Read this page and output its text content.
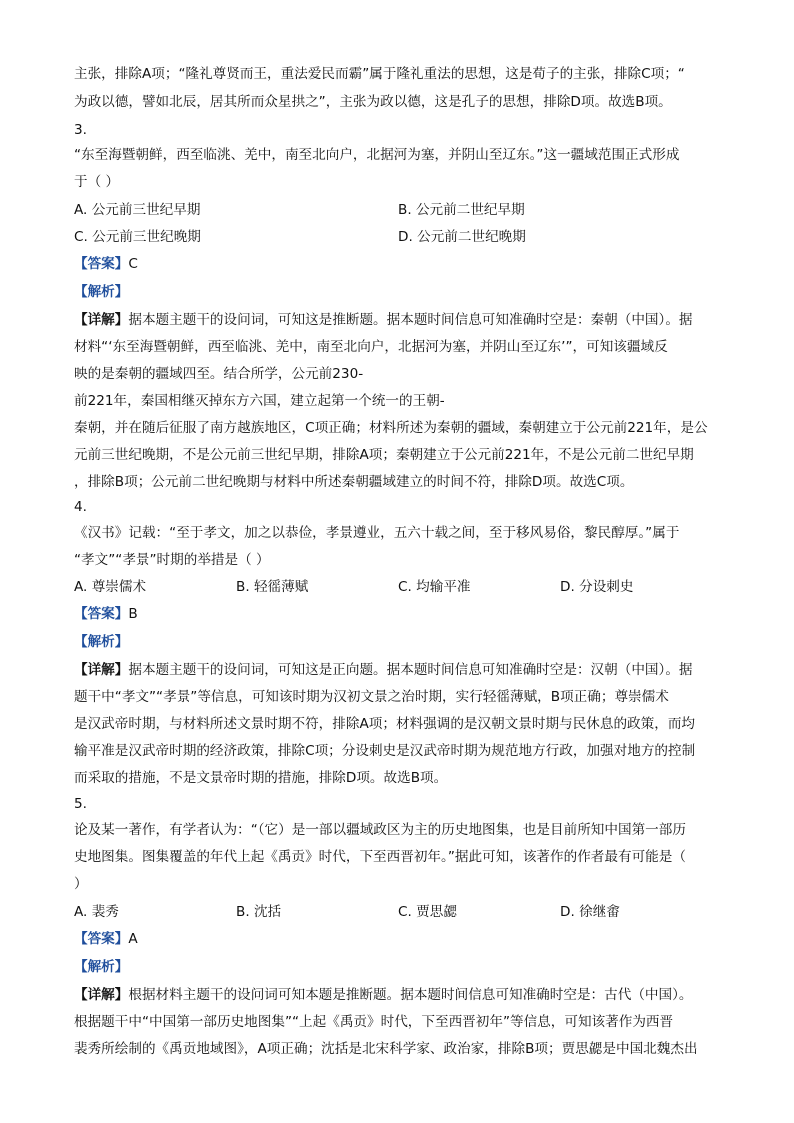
主张，排除A项；“隆礼尊贤而王，重法爱民而霸”属于隆礼重法的思想，这是荀子的主张，排除C项；“
为政以德，譬如北辰，居其所而众星拱之”，主张为政以德，这是孔子的思想，排除D项。故选B项。
3.
“东至海暨朝鲜，西至临洮、羌中，南至北向户，北据河为塞，并阴山至辽东。”这一疆域范围正式形成
于（ ）
A. 公元前三世纪早期	B. 公元前二世纪早期
C. 公元前三世纪晚期	D. 公元前二世纪晚期
【答案】C
【解析】
【详解】据本题主题干的设问词，可知这是推断题。据本题时间信息可知准确时空是：秦朝（中国）。据
材料“‘东至海暨朝鲜，西至临洮、羌中，南至北向户，北据河为塞，并阴山至辽东’”，可知该疆域反
映的是秦朝的疆域四至。结合所学，公元前230-
前221年，秦国相继灭掉东方六国，建立起第一个统一的王朝-
秦朝，并在随后征服了南方越族地区，C项正确；材料所述为秦朝的疆域，秦朝建立于公元前221年，是公
元前三世纪晚期，不是公元前三世纪早期，排除A项；秦朝建立于公元前221年，不是公元前二世纪早期
，排除B项；公元前二世纪晚期与材料中所述秦朝疆域建立的时间不符，排除D项。故选C项。
4.
《汉书》记载：“至于孝文，加之以恭俭，孝景遵业，五六十载之间，至于移风易俗，黎民醇厚。”属于
“孝文”“孝景”时期的举措是（ ）
A. 尊崇儒术	B. 轻徭薄赋	C. 均输平准	D. 分设刺史
【答案】B
【解析】
【详解】据本题主题干的设问词，可知这是正向题。据本题时间信息可知准确时空是：汉朝（中国）。据
题干中“孝文”“孝景”等信息，可知该时期为汉初文景之治时期，实行轻徭薄赋，B项正确；尊崇儒术
是汉武帝时期，与材料所述文景时期不符，排除A项；材料强调的是汉朝文景时期与民休息的政策，而均
输平准是汉武帝时期的经济政策，排除C项；分设刺史是汉武帝时期为规范地方行政，加强对地方的控制
而采取的措施，不是文景帝时期的措施，排除D项。故选B项。
5.
论及某一著作，有学者认为：“（它）是一部以疆域政区为主的历史地图集，也是目前所知中国第一部历
史地图集。图集覆盖的年代上起《禹贡》时代，下至西晋初年。”据此可知，该著作的作者最有可能是（
）
A. 裴秀	B. 沈括	C. 贾思勰	D. 徐继畬
【答案】A
【解析】
【详解】根据材料主题干的设问词可知本题是推断题。据本题时间信息可知准确时空是：古代（中国）。
根据题干中“中国第一部历史地图集”“上起《禹贡》时代，下至西晋初年”等信息，可知该著作为西晋
裴秀所绘制的《禹贡地域图》，A项正确；沈括是北宋科学家、政治家，排除B项；贾思勰是中国北魏杰出
